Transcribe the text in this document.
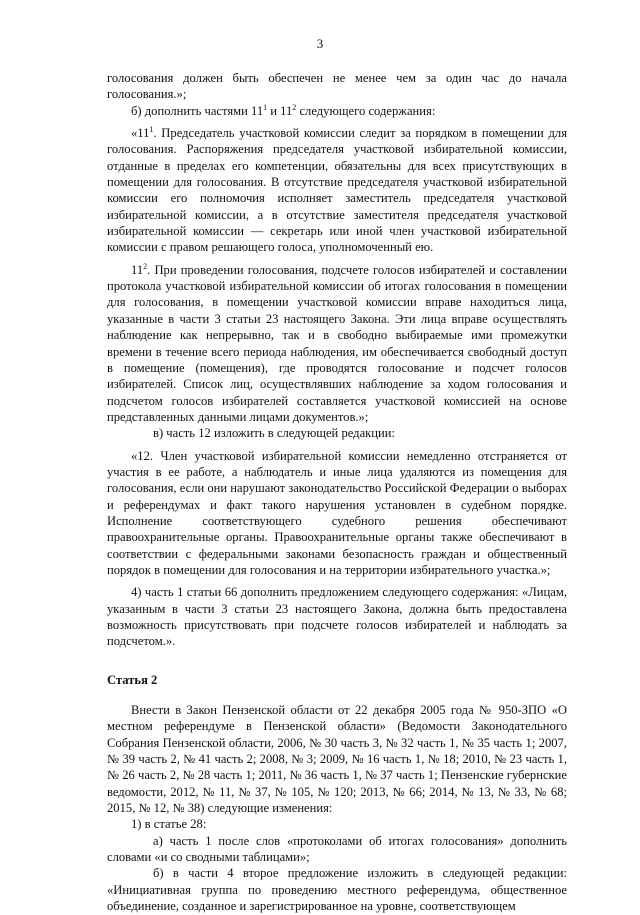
3

голосования должен быть обеспечен не менее чем за один час до начала голосования.»;

б) дополнить частями $11^1$ и $11^2$ следующего содержания:

«$11^1$. Председатель участковой комиссии следит за порядком в помещении для голосования. Распоряжения председателя участковой избирательной комиссии, отданные в пределах его компетенции, обязательны для всех присутствующих в помещении для голосования. В отсутствие председателя участковой избирательной комиссии его полномочия исполняет заместитель председателя участковой избирательной комиссии, а в отсутствие заместителя председателя участковой избирательной комиссии — секретарь или иной член участковой избирательной комиссии с правом решающего голоса, уполномоченный ею.

$11^2$. При проведении голосования, подсчете голосов избирателей и составлении протокола участковой избирательной комиссии об итогах голосования в помещении для голосования, в помещении участковой комиссии вправе находиться лица, указанные в части 3 статьи 23 настоящего Закона. Эти лица вправе осуществлять наблюдение как непрерывно, так и в свободно выбираемые ими промежутки времени в течение всего периода наблюдения, им обеспечивается свободный доступ в помещение (помещения), где проводятся голосование и подсчет голосов избирателей. Список лиц, осуществлявших наблюдение за ходом голосования и подсчетом голосов избирателей составляется участковой комиссией на основе представленных данными лицами документов.»;

в) часть 12 изложить в следующей редакции:

«12. Член участковой избирательной комиссии немедленно отстраняется от участия в ее работе, а наблюдатель и иные лица удаляются из помещения для голосования, если они нарушают законодательство Российской Федерации о выборах и референдумах и факт такого нарушения установлен в судебном порядке. Исполнение соответствующего судебного решения обеспечивают правоохранительные органы. Правоохранительные органы также обеспечивают в соответствии с федеральными законами безопасность граждан и общественный порядок в помещении для голосования и на территории избирательного участка.»;

4) часть 1 статьи 66 дополнить предложением следующего содержания: «Лицам, указанным в части 3 статьи 23 настоящего Закона, должна быть предоставлена возможность присутствовать при подсчете голосов избирателей и наблюдать за подсчетом.».

Статья 2

Внести в Закон Пензенской области от 22 декабря 2005 года № 950-ЗПО «О местном референдуме в Пензенской области» (Ведомости Законодательного Собрания Пензенской области, 2006, № 30 часть 3, № 32 часть 1, № 35 часть 1; 2007, № 39 часть 2, № 41 часть 2; 2008, № 3; 2009, № 16 часть 1, № 18; 2010, № 23 часть 1, № 26 часть 2, № 28 часть 1; 2011, № 36 часть 1, № 37 часть 1; Пензенские губернские ведомости, 2012, № 11, № 37, № 105, № 120; 2013, № 66; 2014, № 13, № 33, № 68; 2015, № 12, № 38) следующие изменения:

1) в статье 28:

а) часть 1 после слов «протоколами об итогах голосования» дополнить словами «и со сводными таблицами»;

б) в части 4 второе предложение изложить в следующей редакции: «Инициативная группа по проведению местного референдума, общественное объединение, созданное и зарегистрированное на уровне, соответствующем
